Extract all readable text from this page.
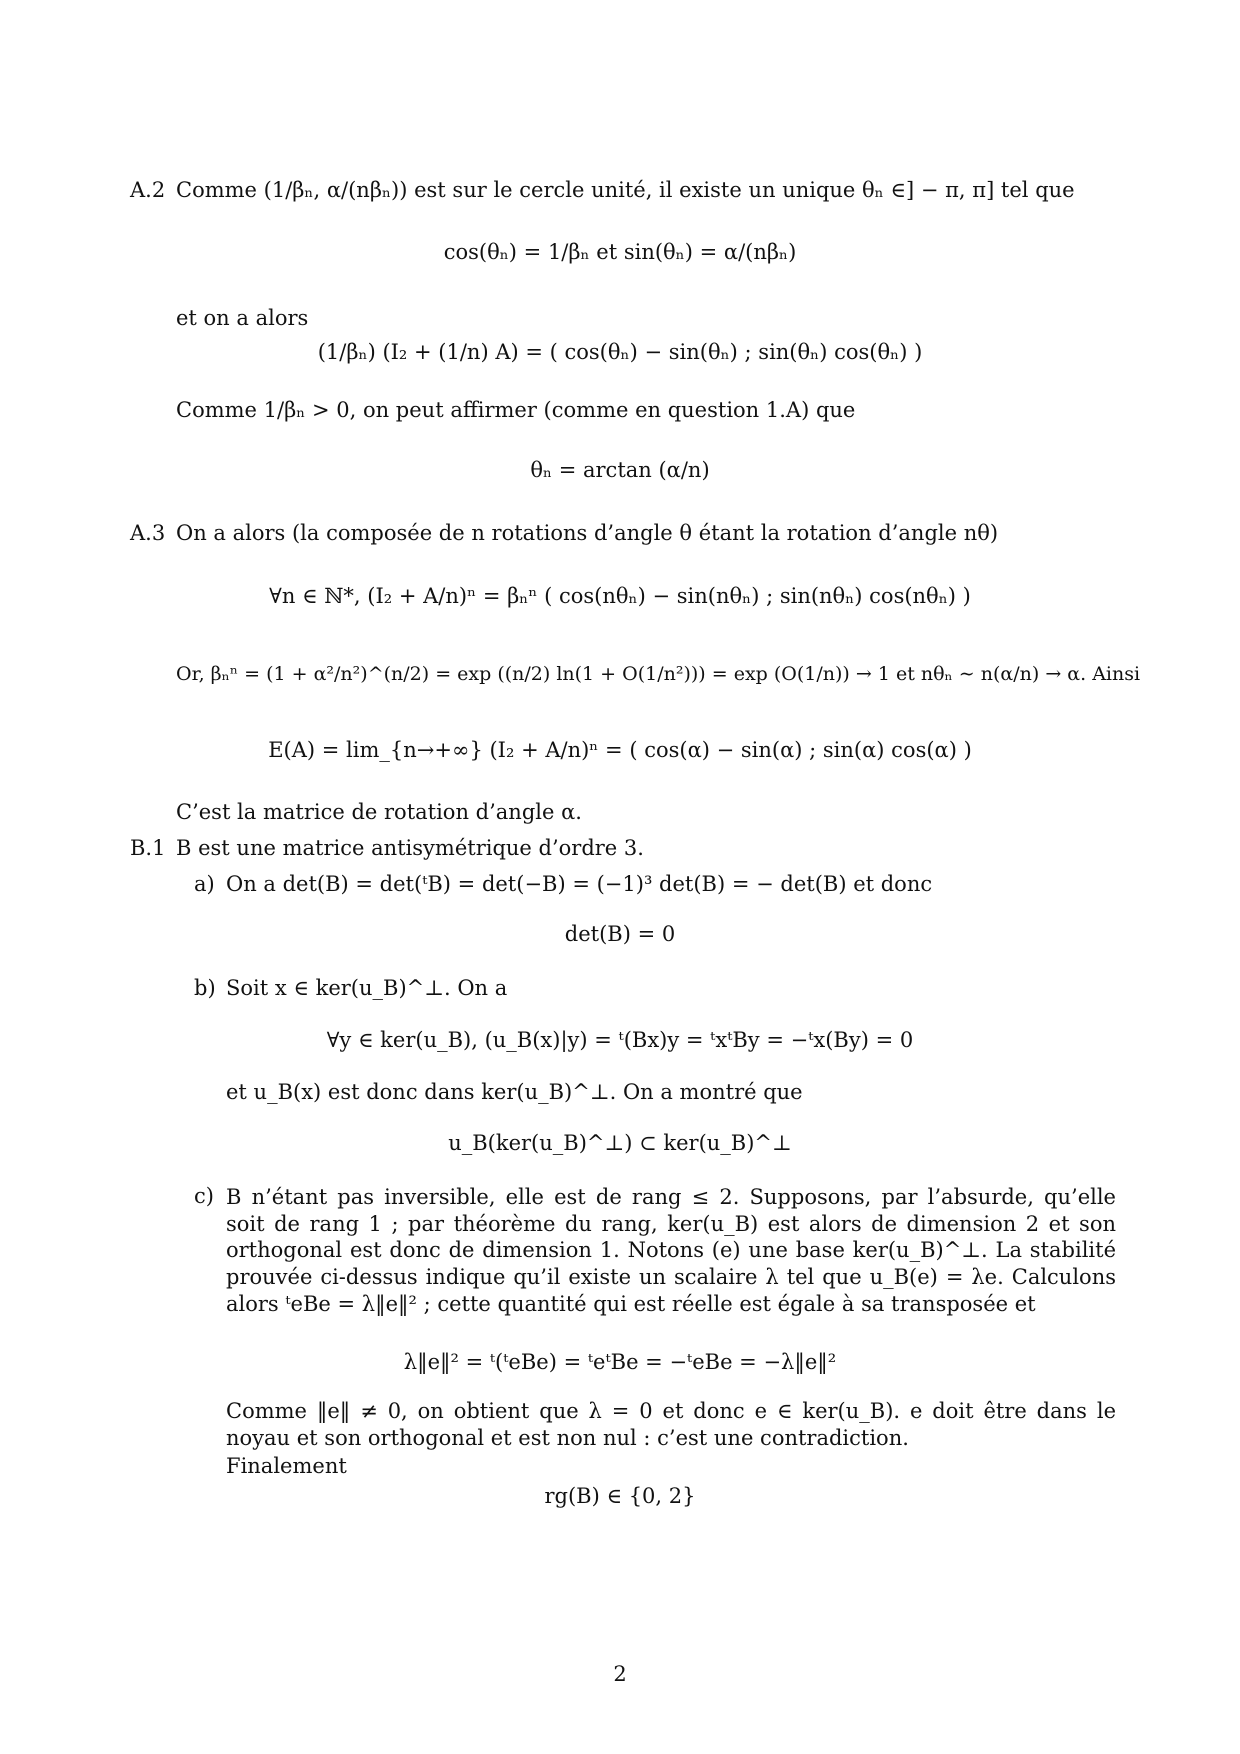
A.2 Comme (1/βₙ, α/(nβₙ)) est sur le cercle unité, il existe un unique θₙ ∈] − π, π] tel que
cos(θₙ) = 1/βₙ et sin(θₙ) = α/(nβₙ)
et on a alors
(1/βₙ) (I₂ + (1/n) A) = ( cos(θₙ) − sin(θₙ) ; sin(θₙ) cos(θₙ) )
Comme 1/βₙ > 0, on peut affirmer (comme en question 1.A) que
θₙ = arctan (α/n)
A.3 On a alors (la composée de n rotations d’angle θ étant la rotation d’angle nθ)
∀n ∈ ℕ*, (I₂ + A/n)ⁿ = βₙⁿ ( cos(nθₙ) − sin(nθₙ) ; sin(nθₙ) cos(nθₙ) )
Or, βₙⁿ = (1 + α²/n²)^(n/2) = exp ((n/2) ln(1 + O(1/n²))) = exp (O(1/n)) → 1 et nθₙ ∼ n(α/n) → α. Ainsi
E(A) = lim_{n→+∞} (I₂ + A/n)ⁿ = ( cos(α) − sin(α) ; sin(α) cos(α) )
C’est la matrice de rotation d’angle α.
B.1 B est une matrice antisymétrique d’ordre 3.
a) On a det(B) = det(ᵗB) = det(−B) = (−1)³ det(B) = − det(B) et donc
det(B) = 0
b) Soit x ∈ ker(u_B)^⊥. On a
∀y ∈ ker(u_B), (u_B(x)|y) = ᵗ(Bx)y = ᵗxᵗBy = −ᵗx(By) = 0
et u_B(x) est donc dans ker(u_B)^⊥. On a montré que
u_B(ker(u_B)^⊥) ⊂ ker(u_B)^⊥
c) B n’étant pas inversible, elle est de rang ≤ 2. Supposons, par l’absurde, qu’elle soit de rang 1 ; par théorème du rang, ker(u_B) est alors de dimension 2 et son orthogonal est donc de dimension 1. Notons (e) une base ker(u_B)^⊥. La stabilité prouvée ci-dessus indique qu’il existe un scalaire λ tel que u_B(e) = λe. Calculons alors ᵗeBe = λ‖e‖² ; cette quantité qui est réelle est égale à sa transposée et
λ‖e‖² = ᵗ(ᵗeBe) = ᵗeᵗBe = −ᵗeBe = −λ‖e‖²
Comme ‖e‖ ≠ 0, on obtient que λ = 0 et donc e ∈ ker(u_B). e doit être dans le noyau et son orthogonal et est non nul : c’est une contradiction.
Finalement
rg(B) ∈ {0, 2}
2
